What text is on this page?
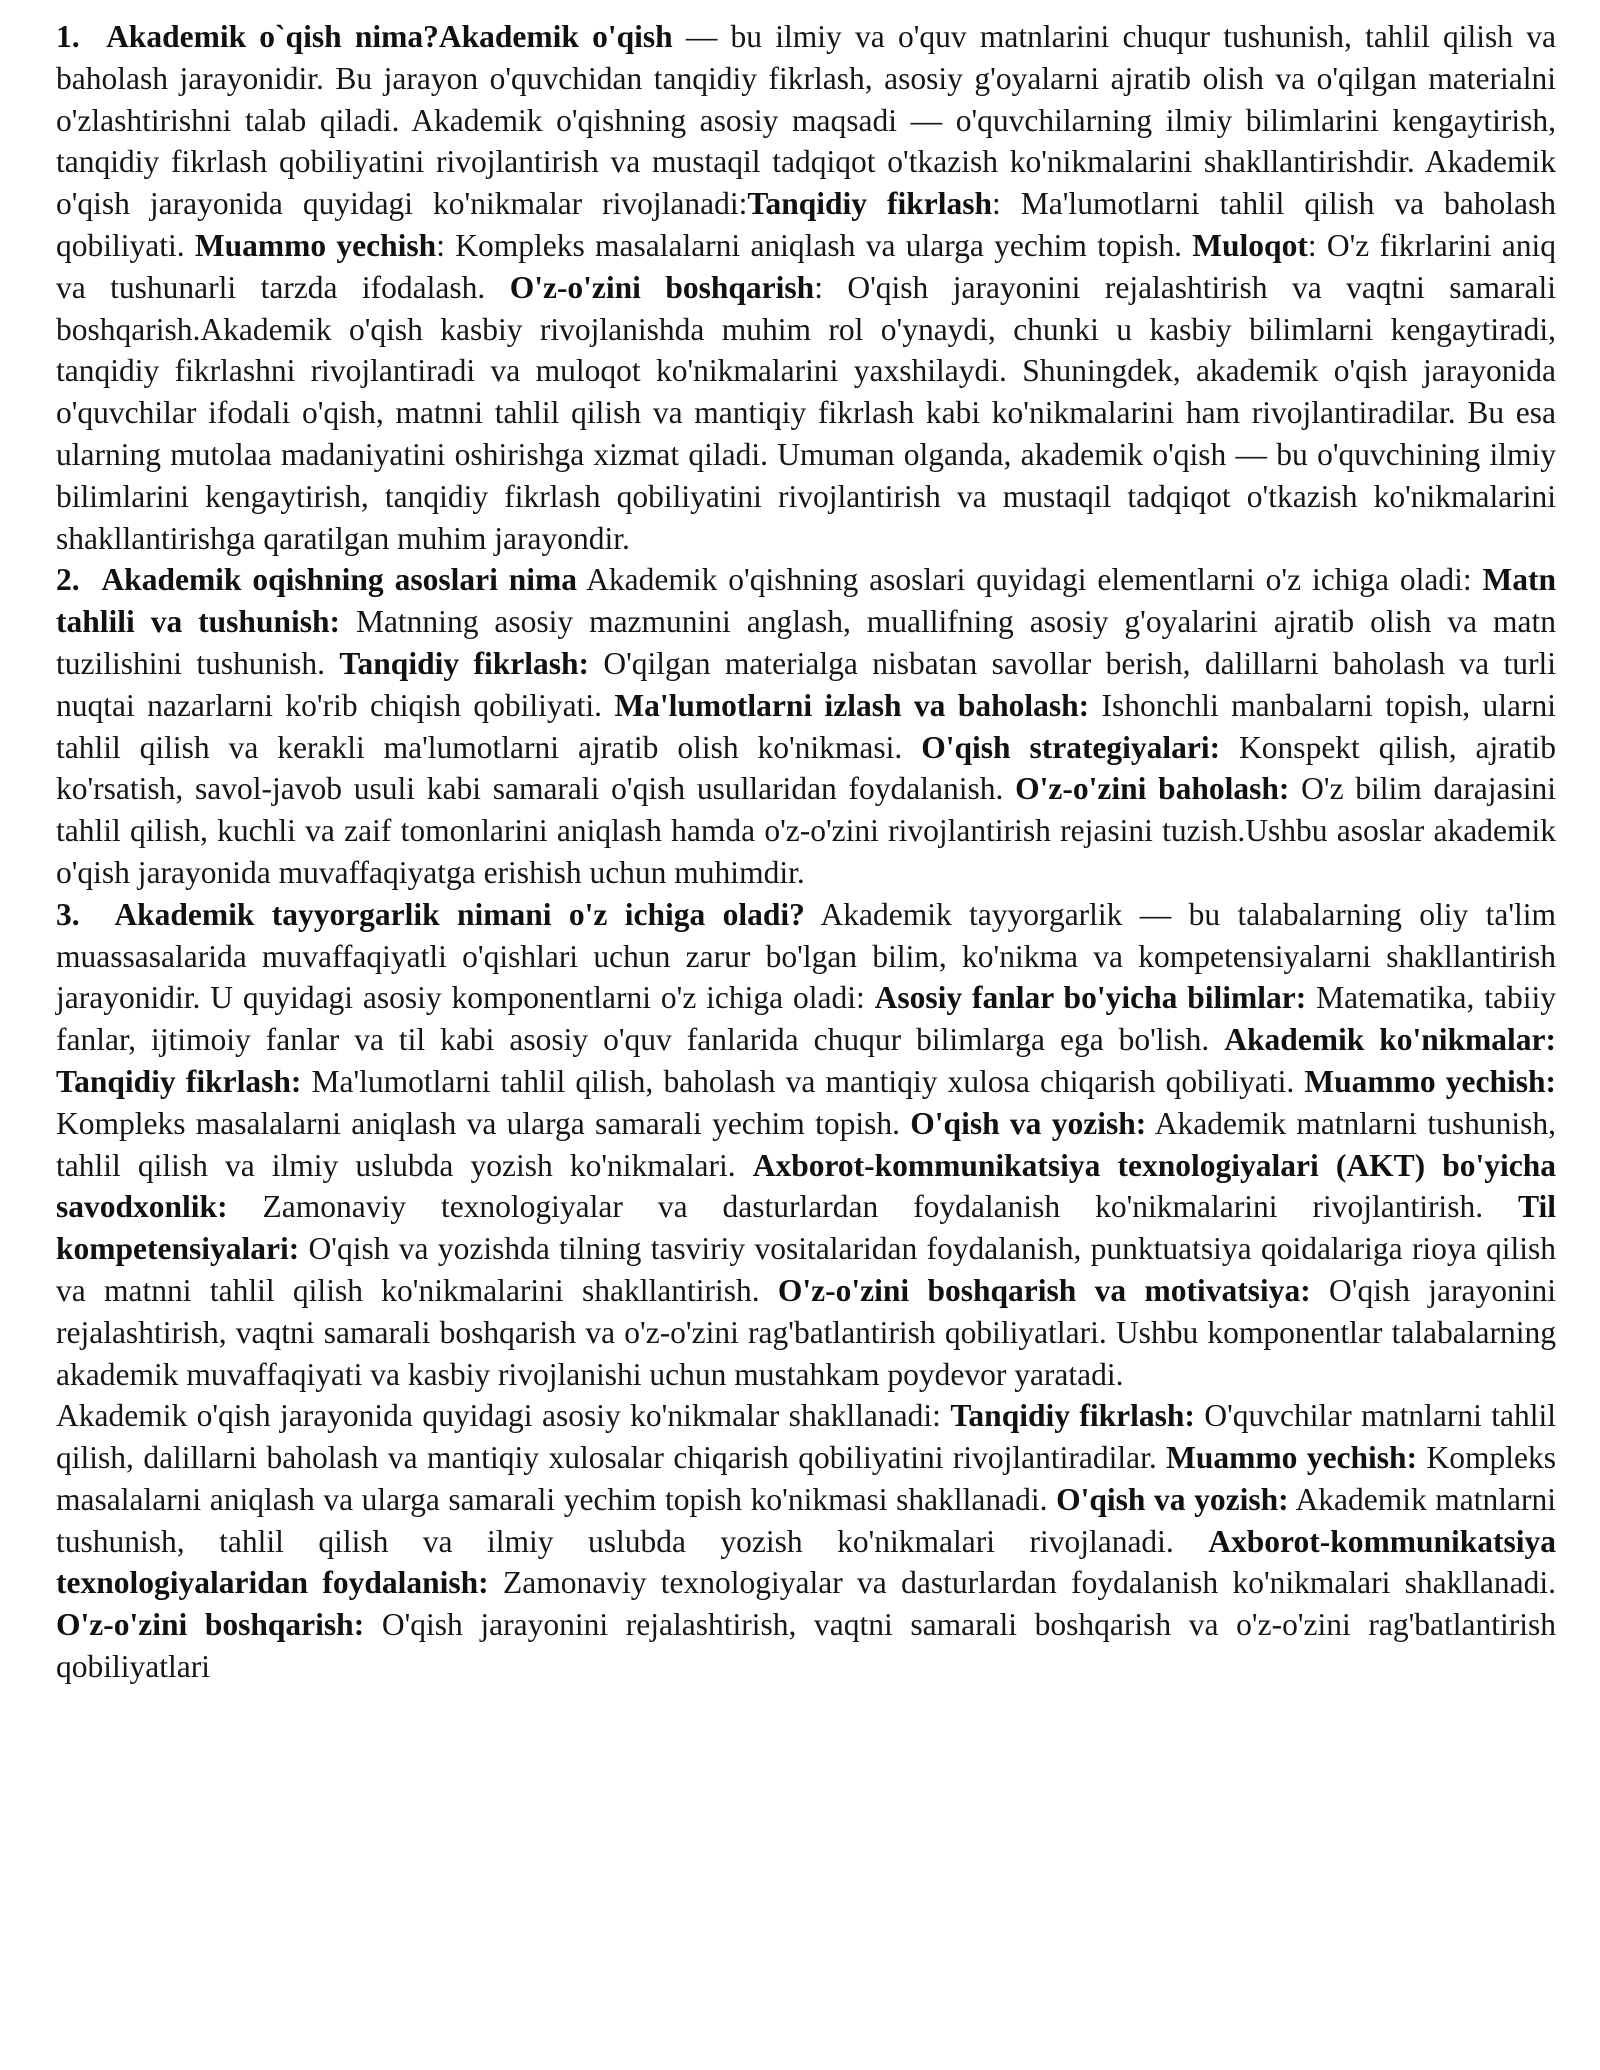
1. Akademik o`qish nima?Akademik o'qish — bu ilmiy va o'quv matnlarini chuqur tushunish, tahlil qilish va baholash jarayonidir. Bu jarayon o'quvchidan tanqidiy fikrlash, asosiy g'oyalarni ajratib olish va o'qilgan materialni o'zlashtirishni talab qiladi. Akademik o'qishning asosiy maqsadi — o'quvchilarning ilmiy bilimlarini kengaytirish, tanqidiy fikrlash qobiliyatini rivojlantirish va mustaqil tadqiqot o'tkazish ko'nikmalarini shakllantirishdir. Akademik o'qish jarayonida quyidagi ko'nikmalar rivojlanadi:Tanqidiy fikrlash: Ma'lumotlarni tahlil qilish va baholash qobiliyati. Muammo yechish: Kompleks masalalarni aniqlash va ularga yechim topish. Muloqot: O'z fikrlarini aniq va tushunarli tarzda ifodalash. O'z-o'zini boshqarish: O'qish jarayonini rejalashtirish va vaqtni samarali boshqarish.Akademik o'qish kasbiy rivojlanishda muhim rol o'ynaydi, chunki u kasbiy bilimlarni kengaytiradi, tanqidiy fikrlashni rivojlantiradi va muloqot ko'nikmalarini yaxshilaydi. Shuningdek, akademik o'qish jarayonida o'quvchilar ifodali o'qish, matnni tahlil qilish va mantiqiy fikrlash kabi ko'nikmalarini ham rivojlantiradilar. Bu esa ularning mutolaa madaniyatini oshirishga xizmat qiladi. Umuman olganda, akademik o'qish — bu o'quvchining ilmiy bilimlarini kengaytirish, tanqidiy fikrlash qobiliyatini rivojlantirish va mustaqil tadqiqot o'tkazish ko'nikmalarini shakllantirishga qaratilgan muhim jarayondir.

2. Akademik oqishning asoslari nima Akademik o'qishning asoslari quyidagi elementlarni o'z ichiga oladi: Matn tahlili va tushunish: Matnning asosiy mazmunini anglash, muallifning asosiy g'oyalarini ajratib olish va matn tuzilishini tushunish. Tanqidiy fikrlash: O'qilgan materialga nisbatan savollar berish, dalillarni baholash va turli nuqtai nazarlarni ko'rib chiqish qobiliyati. Ma'lumotlarni izlash va baholash: Ishonchli manbalarni topish, ularni tahlil qilish va kerakli ma'lumotlarni ajratib olish ko'nikmasi. O'qish strategiyalari: Konspekt qilish, ajratib ko'rsatish, savol-javob usuli kabi samarali o'qish usullaridan foydalanish. O'z-o'zini baholash: O'z bilim darajasini tahlil qilish, kuchli va zaif tomonlarini aniqlash hamda o'z-o'zini rivojlantirish rejasini tuzish.Ushbu asoslar akademik o'qish jarayonida muvaffaqiyatga erishish uchun muhimdir.

3. Akademik tayyorgarlik nimani o'z ichiga oladi? Akademik tayyorgarlik — bu talabalarning oliy ta'lim muassasalarida muvaffaqiyatli o'qishlari uchun zarur bo'lgan bilim, ko'nikma va kompetensiyalarni shakllantirish jarayonidir. U quyidagi asosiy komponentlarni o'z ichiga oladi: Asosiy fanlar bo'yicha bilimlar: Matematika, tabiiy fanlar, ijtimoiy fanlar va til kabi asosiy o'quv fanlarida chuqur bilimlarga ega bo'lish. Akademik ko'nikmalar: Tanqidiy fikrlash: Ma'lumotlarni tahlil qilish, baholash va mantiqiy xulosa chiqarish qobiliyati. Muammo yechish: Kompleks masalalarni aniqlash va ularga samarali yechim topish. O'qish va yozish: Akademik matnlarni tushunish, tahlil qilish va ilmiy uslubda yozish ko'nikmalari. Axborot-kommunikatsiya texnologiyalari (AKT) bo'yicha savodxonlik: Zamonaviy texnologiyalar va dasturlardan foydalanish ko'nikmalarini rivojlantirish. Til kompetensiyalari: O'qish va yozishda tilning tasviriy vositalaridan foydalanish, punktuatsiya qoidalariga rioya qilish va matnni tahlil qilish ko'nikmalarini shakllantirish. O'z-o'zini boshqarish va motivatsiya: O'qish jarayonini rejalashtirish, vaqtni samarali boshqarish va o'z-o'zini rag'batlantirish qobiliyatlari. Ushbu komponentlar talabalarning akademik muvaffaqiyati va kasbiy rivojlanishi uchun mustahkam poydevor yaratadi.

Akademik o'qish jarayonida quyidagi asosiy ko'nikmalar shakllanadi: Tanqidiy fikrlash: O'quvchilar matnlarni tahlil qilish, dalillarni baholash va mantiqiy xulosalar chiqarish qobiliyatini rivojlantiradilar. Muammo yechish: Kompleks masalalarni aniqlash va ularga samarali yechim topish ko'nikmasi shakllanadi. O'qish va yozish: Akademik matnlarni tushunish, tahlil qilish va ilmiy uslubda yozish ko'nikmalari rivojlanadi. Axborot-kommunikatsiya texnologiyalaridan foydalanish: Zamonaviy texnologiyalar va dasturlardan foydalanish ko'nikmalari shakllanadi. O'z-o'zini boshqarish: O'qish jarayonini rejalashtirish, vaqtni samarali boshqarish va o'z-o'zini rag'batlantirish qobiliyatlari
